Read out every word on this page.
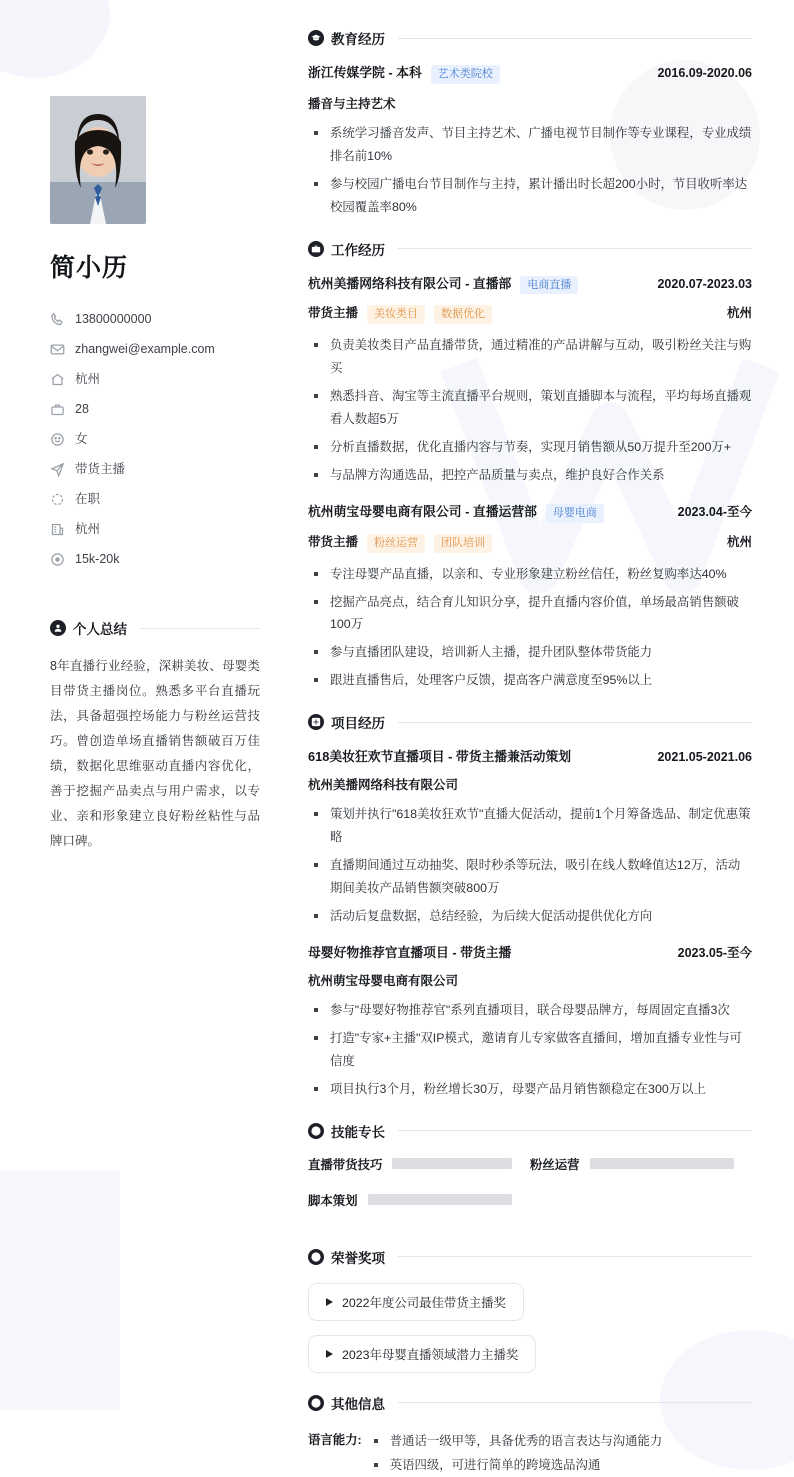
简小历
13800000000
zhangwei@example.com
杭州
28
女
带货主播
在职
杭州
15k-20k
个人总结

8年直播行业经验，深耕美妆、母婴类目带货主播岗位。熟悉多平台直播玩法，具备超强控场能力与粉丝运营技巧。曾创造单场直播销售额破百万佳绩，数据化思维驱动直播内容优化，善于挖掘产品卖点与用户需求，以专业、亲和形象建立良好粉丝粘性与品牌口碑。

教育经历
浙江传媒学院 - 本科	艺术类院校	2016.09-2020.06
播音与主持艺术
系统学习播音发声、节目主持艺术、广播电视节目制作等专业课程，专业成绩排名前10%
参与校园广播电台节目制作与主持，累计播出时长超200小时，节目收听率达校园覆盖率80%
工作经历
杭州美播网络科技有限公司 - 直播部	电商直播	2020.07-2023.03
带货主播	美妆类目	数据优化	杭州
负责美妆类目产品直播带货，通过精准的产品讲解与互动，吸引粉丝关注与购买
熟悉抖音、淘宝等主流直播平台规则，策划直播脚本与流程，平均每场直播观看人数超5万
分析直播数据，优化直播内容与节奏，实现月销售额从50万提升至200万+
与品牌方沟通选品，把控产品质量与卖点，维护良好合作关系
杭州萌宝母婴电商有限公司 - 直播运营部	母婴电商	2023.04-至今
带货主播	粉丝运营	团队培训	杭州
专注母婴产品直播，以亲和、专业形象建立粉丝信任，粉丝复购率达40%
挖掘产品亮点，结合育儿知识分享，提升直播内容价值，单场最高销售额破100万
参与直播团队建设，培训新人主播，提升团队整体带货能力
跟进直播售后，处理客户反馈，提高客户满意度至95%以上
项目经历
618美妆狂欢节直播项目 - 带货主播兼活动策划	2021.05-2021.06
杭州美播网络科技有限公司
策划并执行"618美妆狂欢节"直播大促活动，提前1个月筹备选品、制定优惠策略
直播期间通过互动抽奖、限时秒杀等玩法，吸引在线人数峰值达12万，活动期间美妆产品销售额突破800万
活动后复盘数据，总结经验，为后续大促活动提供优化方向
母婴好物推荐官直播项目 - 带货主播	2023.05-至今
杭州萌宝母婴电商有限公司
参与"母婴好物推荐官"系列直播项目，联合母婴品牌方，每周固定直播3次
打造"专家+主播"双IP模式，邀请育儿专家做客直播间，增加直播专业性与可信度
项目执行3个月，粉丝增长30万，母婴产品月销售额稳定在300万以上
技能专长
直播带货技巧	粉丝运营
脚本策划
荣誉奖项
2022年度公司最佳带货主播奖
2023年母婴直播领域潜力主播奖
其他信息
语言能力:	普通话一级甲等，具备优秀的语言表达与沟通能力
英语四级，可进行简单的跨境选品沟通
